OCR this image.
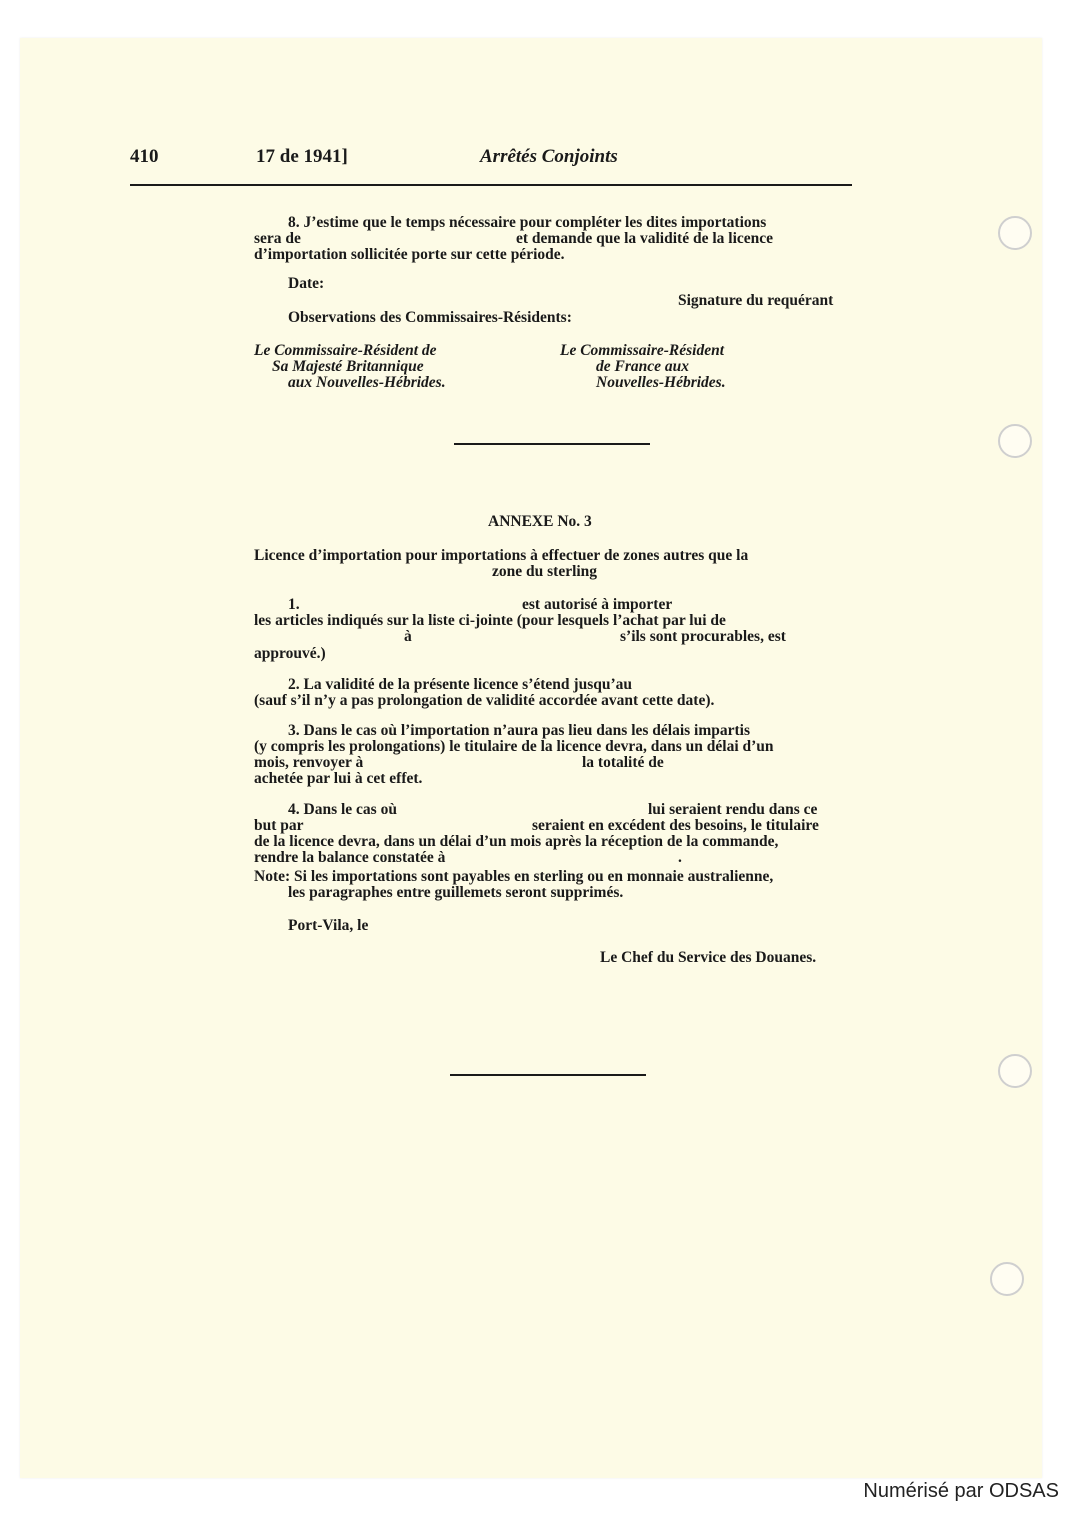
410	17 de 1941]	Arrêtés Conjoints
8. J’estime que le temps nécessaire pour compléter les dites importations
sera de	et demande que la validité de la licence
d’importation sollicitée porte sur cette période.
Date:
Signature du requérant
Observations des Commissaires-Résidents:
Le Commissaire-Résident de
Sa Majesté Britannique
aux Nouvelles-Hébrides.
Le Commissaire-Résident
de France aux
Nouvelles-Hébrides.
ANNEXE No. 3
Licence d’importation pour importations à effectuer de zones autres que la
zone du sterling
1.	est autorisé à importer
les articles indiqués sur la liste ci-jointe (pour lesquels l’achat par lui de
à	s’ils sont procurables, est
approuvé.)
2. La validité de la présente licence s’étend jusqu’au
(sauf s’il n’y a pas prolongation de validité accordée avant cette date).
3. Dans le cas où l’importation n’aura pas lieu dans les délais impartis
(y compris les prolongations) le titulaire de la licence devra, dans un délai d’un
mois, renvoyer à	la totalité de
achetée par lui à cet effet.
4. Dans le cas où	lui seraient rendu dans ce
but par	seraient en excédent des besoins, le titulaire
de la licence devra, dans un délai d’un mois après la réception de la commande,
rendre la balance constatée à	.
Note: Si les importations sont payables en sterling ou en monnaie australienne,
les paragraphes entre guillemets seront supprimés.
Port-Vila, le
Le Chef du Service des Douanes.
Numérisé par ODSAS
